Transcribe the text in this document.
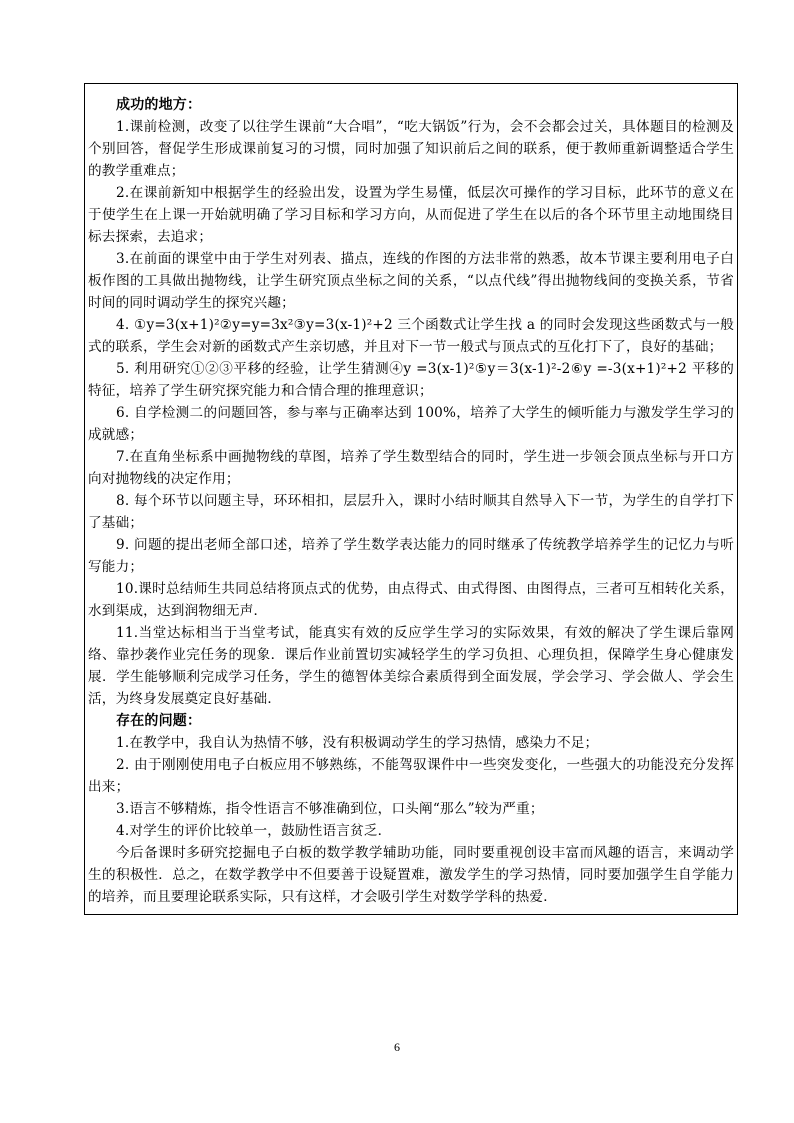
成功的地方：

1.课前检测，改变了以往学生课前“大合唱”，“吃大锅饭”行为，会不会都会过关，具体题目的检测及个别回答，督促学生形成课前复习的习惯，同时加强了知识前后之间的联系，便于教师重新调整适合学生的教学重难点；

2.在课前新知中根据学生的经验出发，设置为学生易懂，低层次可操作的学习目标，此环节的意义在于使学生在上课一开始就明确了学习目标和学习方向，从而促进了学生在以后的各个环节里主动地围绕目标去探索，去追求；

3.在前面的课堂中由于学生对列表、描点，连线的作图的方法非常的熟悉，故本节课主要利用电子白板作图的工具做出抛物线，让学生研究顶点坐标之间的关系，“以点代线”得出抛物线间的变换关系，节省时间的同时调动学生的探究兴趣；

4. ①y=3(x+1)²②y=y=3x²③y=3(x-1)²+2 三个函数式让学生找 a 的同时会发现这些函数式与一般式的联系，学生会对新的函数式产生亲切感，并且对下一节一般式与顶点式的互化打下了，良好的基础；

5. 利用研究①②③平移的经验，让学生猜测④y =3(x-1)²⑤y＝3(x-1)²-2⑥y =-3(x+1)²+2 平移的特征，培养了学生研究探究能力和合情合理的推理意识；

6. 自学检测二的问题回答，参与率与正确率达到 100%，培养了大学生的倾听能力与激发学生学习的成就感；

7.在直角坐标系中画抛物线的草图，培养了学生数型结合的同时，学生进一步领会顶点坐标与开口方向对抛物线的决定作用；

8. 每个环节以问题主导，环环相扣，层层升入，课时小结时顺其自然导入下一节，为学生的自学打下了基础；

9. 问题的提出老师全部口述，培养了学生数学表达能力的同时继承了传统教学培养学生的记忆力与听写能力；

10.课时总结师生共同总结将顶点式的优势，由点得式、由式得图、由图得点，三者可互相转化关系，水到渠成，达到润物细无声．

11.当堂达标相当于当堂考试，能真实有效的反应学生学习的实际效果，有效的解决了学生课后靠网络、靠抄袭作业完任务的现象．课后作业前置切实减轻学生的学习负担、心理负担，保障学生身心健康发展．学生能够顺利完成学习任务，学生的德智体美综合素质得到全面发展，学会学习、学会做人、学会生活，为终身发展奠定良好基础．

存在的问题：

1.在教学中，我自认为热情不够，没有积极调动学生的学习热情，感染力不足；

2. 由于刚刚使用电子白板应用不够熟练，不能驾驭课件中一些突发变化，一些强大的功能没充分发挥出来；

3.语言不够精炼，指令性语言不够准确到位，口头阐“那么”较为严重；

4.对学生的评价比较单一，鼓励性语言贫乏．

今后备课时多研究挖掘电子白板的数学教学辅助功能，同时要重视创设丰富而风趣的语言，来调动学生的积极性．总之，在数学教学中不但要善于设疑置难，激发学生的学习热情，同时要加强学生自学能力的培养，而且要理论联系实际，只有这样，才会吸引学生对数学学科的热爱．

6
